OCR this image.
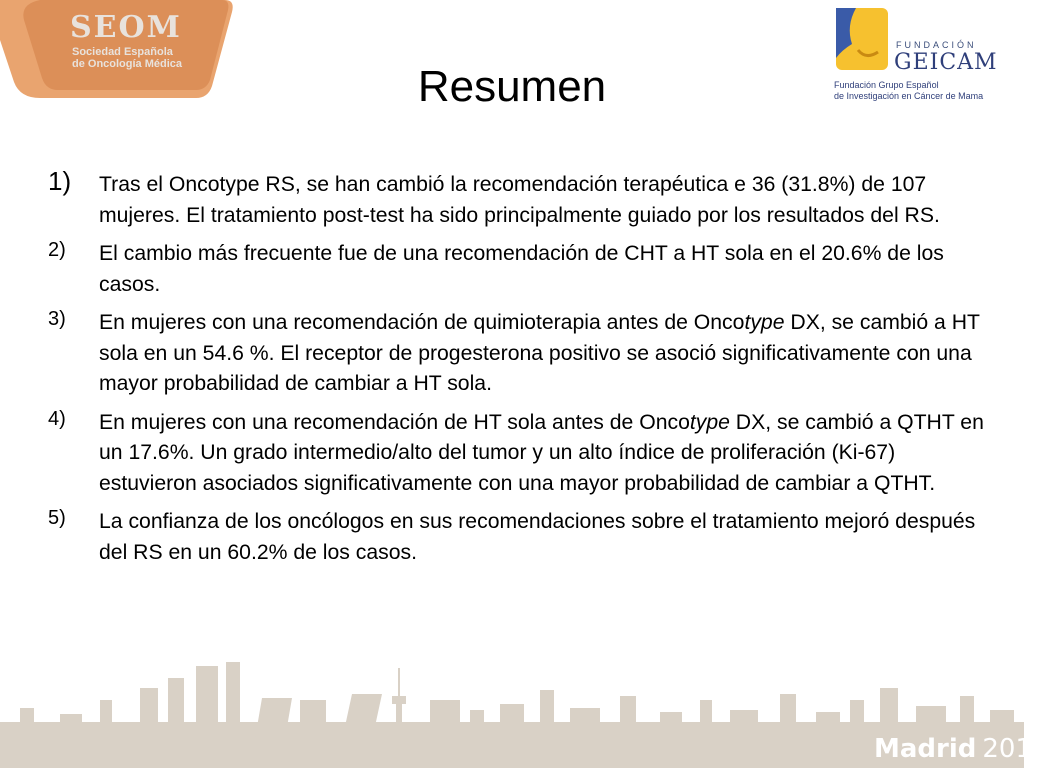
SEOM
Sociedad Española
de Oncología Médica
FUNDACIÓN
GEICAM
Fundación Grupo Español
de Investigación en Cáncer de Mama
Resumen
1) Tras el Oncotype RS, se han cambió la recomendación terapéutica e 36 (31.8%) de 107 mujeres. El tratamiento post-test ha sido principalmente guiado por los resultados del RS.
2) El cambio más frecuente fue de una recomendación de CHT a HT sola en el 20.6% de los casos.
3) En mujeres con una recomendación de quimioterapia antes de Oncotype DX, se cambió a HT sola en un 54.6 %. El receptor de progesterona positivo se asoció significativamente con una mayor probabilidad de cambiar a HT sola.
4) En mujeres con una recomendación de HT sola antes de Oncotype DX, se cambió a QTHT en un 17.6%. Un grado intermedio/alto del tumor y un alto índice de proliferación (Ki-67) estuvieron asociados significativamente con una mayor probabilidad de cambiar a QTHT.
5) La confianza de los oncólogos en sus recomendaciones sobre el tratamiento mejoró después del RS en un 60.2% de los casos.
Madrid 2010
